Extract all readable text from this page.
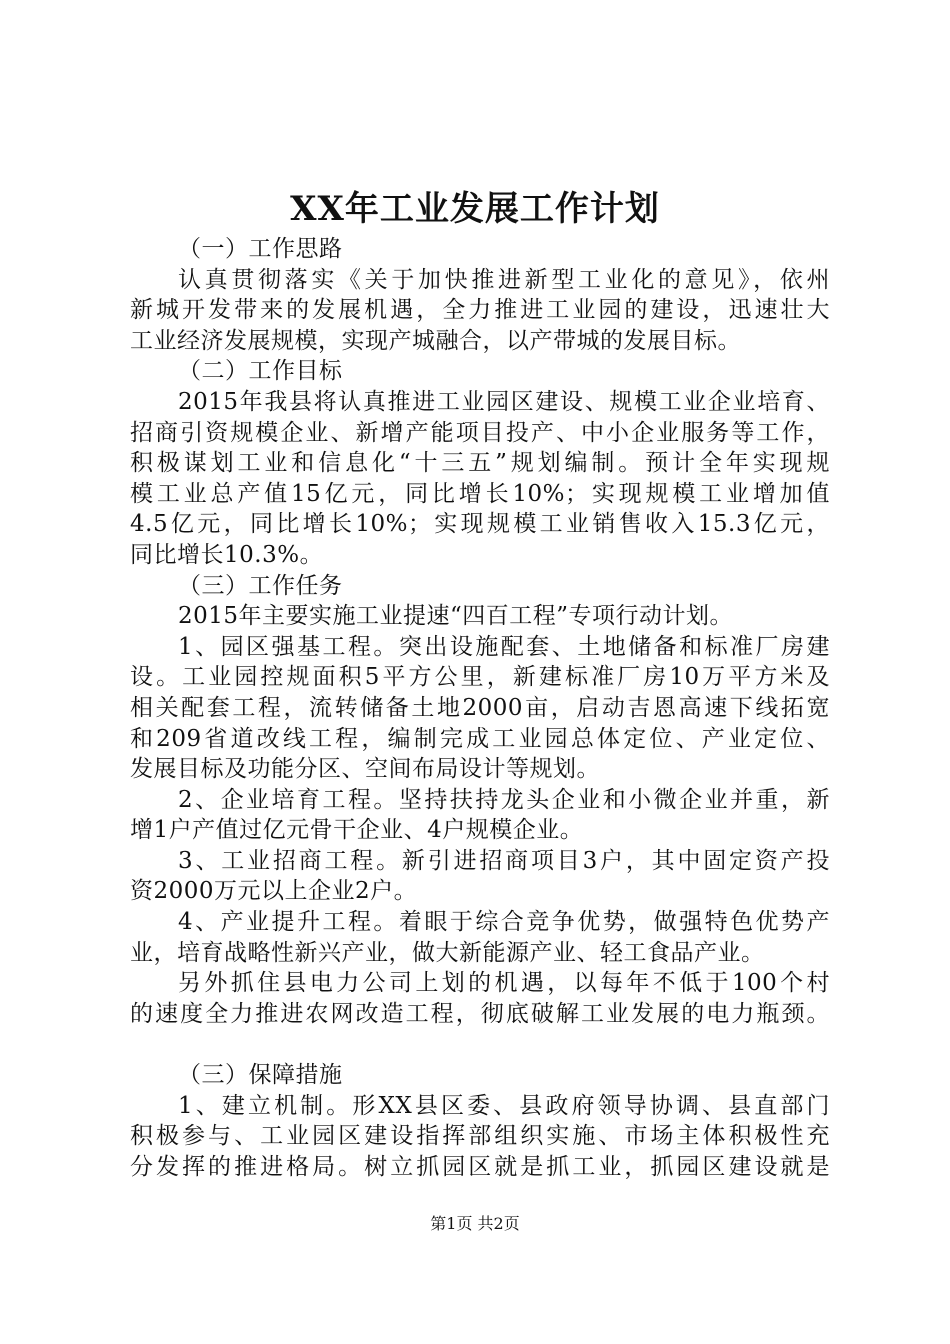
XX年工业发展工作计划
（一）工作思路
认真贯彻落实《关于加快推进新型工业化的意见》，依州
新城开发带来的发展机遇，全力推进工业园的建设，迅速壮大
工业经济发展规模，实现产城融合，以产带城的发展目标。
（二）工作目标
2015年我县将认真推进工业园区建设、规模工业企业培育、
招商引资规模企业、新增产能项目投产、中小企业服务等工作，
积极谋划工业和信息化“十三五”规划编制。预计全年实现规
模工业总产值15亿元，同比增长10%；实现规模工业增加值
4.5亿元，同比增长10%；实现规模工业销售收入15.3亿元，
同比增长10.3%。
（三）工作任务
2015年主要实施工业提速“四百工程”专项行动计划。
1、园区强基工程。突出设施配套、土地储备和标准厂房建
设。工业园控规面积5平方公里，新建标准厂房10万平方米及
相关配套工程，流转储备土地2000亩，启动吉恩高速下线拓宽
和209省道改线工程，编制完成工业园总体定位、产业定位、
发展目标及功能分区、空间布局设计等规划。
2、企业培育工程。坚持扶持龙头企业和小微企业并重，新
增1户产值过亿元骨干企业、4户规模企业。
3、工业招商工程。新引进招商项目3户，其中固定资产投
资2000万元以上企业2户。
4、产业提升工程。着眼于综合竞争优势，做强特色优势产
业，培育战略性新兴产业，做大新能源产业、轻工食品产业。
另外抓住县电力公司上划的机遇，以每年不低于100个村
的速度全力推进农网改造工程，彻底破解工业发展的电力瓶颈。
（三）保障措施
1、建立机制。形XX县区委、县政府领导协调、县直部门
积极参与、工业园区建设指挥部组织实施、市场主体积极性充
分发挥的推进格局。树立抓园区就是抓工业，抓园区建设就是
第1页 共2页
